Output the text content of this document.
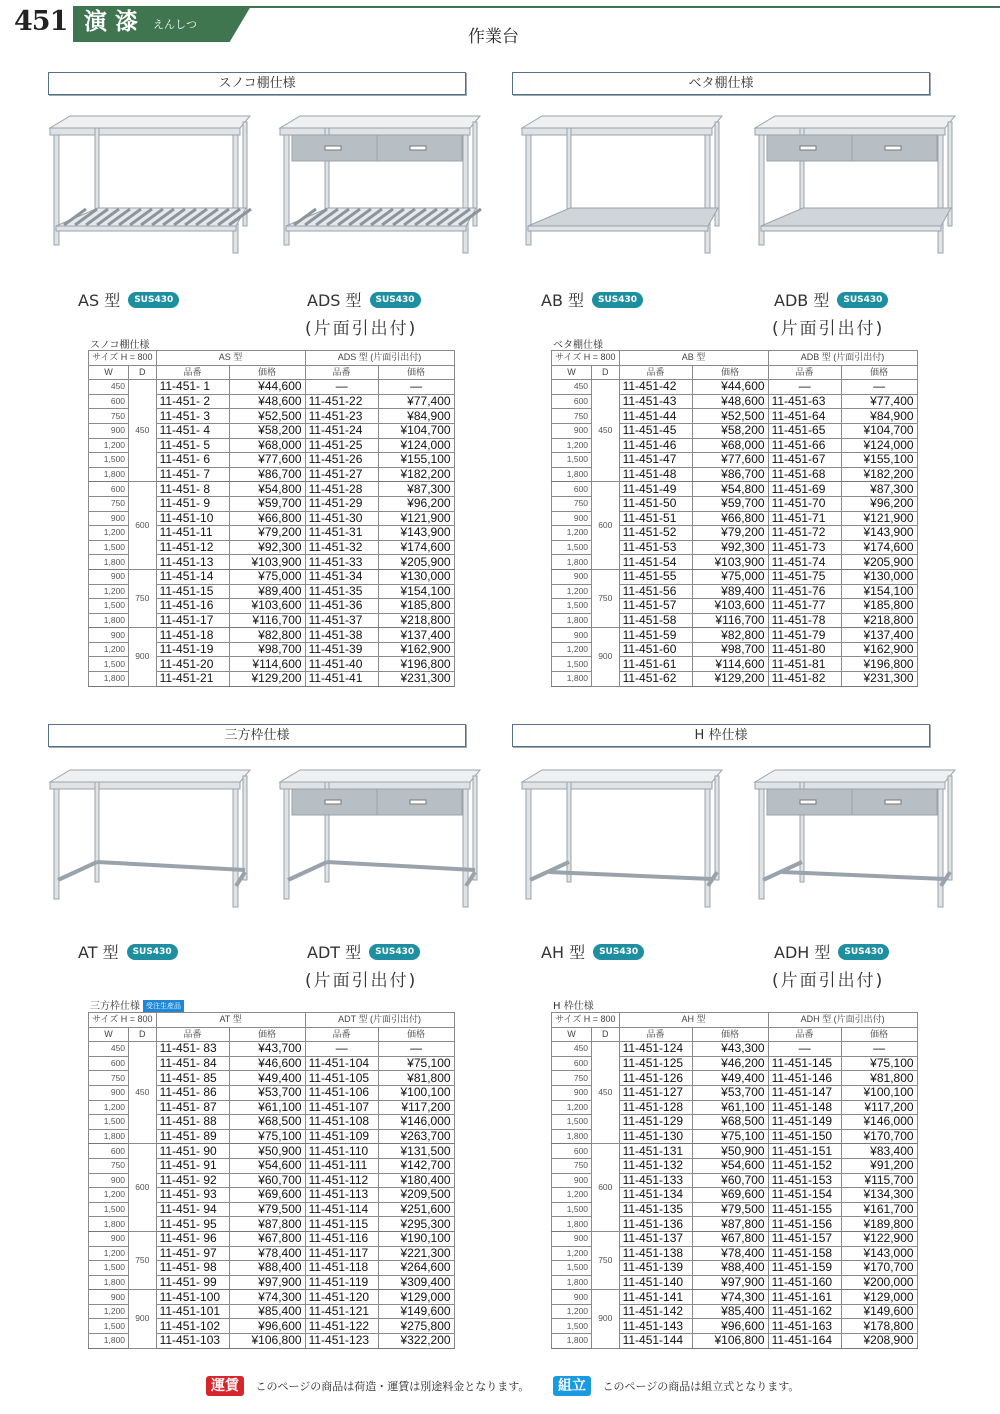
451 演 漆 えんしつ
作業台
スノコ棚仕様
AS 型 SUS430	ADS 型 SUS430
(片面引出付)
スノコ棚仕様
サイズ H = 800		AS 型		ADS 型 (片面引出付)	
W	D	品番	価格	品番	価格
450	450	11-451- 1	¥44,600	—	—
600		11-451- 2	¥48,600	11-451-22	¥77,400
750		11-451- 3	¥52,500	11-451-23	¥84,900
900		11-451- 4	¥58,200	11-451-24	¥104,700
1,200		11-451- 5	¥68,000	11-451-25	¥124,000
1,500		11-451- 6	¥77,600	11-451-26	¥155,100
1,800		11-451- 7	¥86,700	11-451-27	¥182,200
600	600	11-451- 8	¥54,800	11-451-28	¥87,300
750		11-451- 9	¥59,700	11-451-29	¥96,200
900		11-451-10	¥66,800	11-451-30	¥121,900
1,200		11-451-11	¥79,200	11-451-31	¥143,900
1,500		11-451-12	¥92,300	11-451-32	¥174,600
1,800		11-451-13	¥103,900	11-451-33	¥205,900
900	750	11-451-14	¥75,000	11-451-34	¥130,000
1,200		11-451-15	¥89,400	11-451-35	¥154,100
1,500		11-451-16	¥103,600	11-451-36	¥185,800
1,800		11-451-17	¥116,700	11-451-37	¥218,800
900	900	11-451-18	¥82,800	11-451-38	¥137,400
1,200		11-451-19	¥98,700	11-451-39	¥162,900
1,500		11-451-20	¥114,600	11-451-40	¥196,800
1,800		11-451-21	¥129,200	11-451-41	¥231,300
ベタ棚仕様
AB 型 SUS430	ADB 型 SUS430
(片面引出付)
ベタ棚仕様
サイズ H = 800		AB 型		ADB 型 (片面引出付)	
W	D	品番	価格	品番	価格
450	450	11-451-42	¥44,600	—	—
600		11-451-43	¥48,600	11-451-63	¥77,400
750		11-451-44	¥52,500	11-451-64	¥84,900
900		11-451-45	¥58,200	11-451-65	¥104,700
1,200		11-451-46	¥68,000	11-451-66	¥124,000
1,500		11-451-47	¥77,600	11-451-67	¥155,100
1,800		11-451-48	¥86,700	11-451-68	¥182,200
600	600	11-451-49	¥54,800	11-451-69	¥87,300
750		11-451-50	¥59,700	11-451-70	¥96,200
900		11-451-51	¥66,800	11-451-71	¥121,900
1,200		11-451-52	¥79,200	11-451-72	¥143,900
1,500		11-451-53	¥92,300	11-451-73	¥174,600
1,800		11-451-54	¥103,900	11-451-74	¥205,900
900	750	11-451-55	¥75,000	11-451-75	¥130,000
1,200		11-451-56	¥89,400	11-451-76	¥154,100
1,500		11-451-57	¥103,600	11-451-77	¥185,800
1,800		11-451-58	¥116,700	11-451-78	¥218,800
900	900	11-451-59	¥82,800	11-451-79	¥137,400
1,200		11-451-60	¥98,700	11-451-80	¥162,900
1,500		11-451-61	¥114,600	11-451-81	¥196,800
1,800		11-451-62	¥129,200	11-451-82	¥231,300
三方枠仕様
AT 型 SUS430	ADT 型 SUS430
(片面引出付)
三方枠仕様 受注生産品
サイズ H = 800		AT 型		ADT 型 (片面引出付)	
W	D	品番	価格	品番	価格
450	450	11-451- 83	¥43,700	—	—
600		11-451- 84	¥46,600	11-451-104	¥75,100
750		11-451- 85	¥49,400	11-451-105	¥81,800
900		11-451- 86	¥53,700	11-451-106	¥100,100
1,200		11-451- 87	¥61,100	11-451-107	¥117,200
1,500		11-451- 88	¥68,500	11-451-108	¥146,000
1,800		11-451- 89	¥75,100	11-451-109	¥263,700
600	600	11-451- 90	¥50,900	11-451-110	¥131,500
750		11-451- 91	¥54,600	11-451-111	¥142,700
900		11-451- 92	¥60,700	11-451-112	¥180,400
1,200		11-451- 93	¥69,600	11-451-113	¥209,500
1,500		11-451- 94	¥79,500	11-451-114	¥251,600
1,800		11-451- 95	¥87,800	11-451-115	¥295,300
900	750	11-451- 96	¥67,800	11-451-116	¥190,100
1,200		11-451- 97	¥78,400	11-451-117	¥221,300
1,500		11-451- 98	¥88,400	11-451-118	¥264,600
1,800		11-451- 99	¥97,900	11-451-119	¥309,400
900	900	11-451-100	¥74,300	11-451-120	¥129,000
1,200		11-451-101	¥85,400	11-451-121	¥149,600
1,500		11-451-102	¥96,600	11-451-122	¥275,800
1,800		11-451-103	¥106,800	11-451-123	¥322,200
H 枠仕様
AH 型 SUS430	ADH 型 SUS430
(片面引出付)
H 枠仕様
サイズ H = 800		AH 型		ADH 型 (片面引出付)	
W	D	品番	価格	品番	価格
450	450	11-451-124	¥43,300	—	—
600		11-451-125	¥46,200	11-451-145	¥75,100
750		11-451-126	¥49,400	11-451-146	¥81,800
900		11-451-127	¥53,700	11-451-147	¥100,100
1,200		11-451-128	¥61,100	11-451-148	¥117,200
1,500		11-451-129	¥68,500	11-451-149	¥146,000
1,800		11-451-130	¥75,100	11-451-150	¥170,700
600	600	11-451-131	¥50,900	11-451-151	¥83,400
750		11-451-132	¥54,600	11-451-152	¥91,200
900		11-451-133	¥60,700	11-451-153	¥115,700
1,200		11-451-134	¥69,600	11-451-154	¥134,300
1,500		11-451-135	¥79,500	11-451-155	¥161,700
1,800		11-451-136	¥87,800	11-451-156	¥189,800
900	750	11-451-137	¥67,800	11-451-157	¥122,900
1,200		11-451-138	¥78,400	11-451-158	¥143,000
1,500		11-451-139	¥88,400	11-451-159	¥170,700
1,800		11-451-140	¥97,900	11-451-160	¥200,000
900	900	11-451-141	¥74,300	11-451-161	¥129,000
1,200		11-451-142	¥85,400	11-451-162	¥149,600
1,500		11-451-143	¥96,600	11-451-163	¥178,800
1,800		11-451-144	¥106,800	11-451-164	¥208,900
運賃 このページの商品は荷造・運賃は別途料金となります。	組立 このページの商品は組立式となります。
